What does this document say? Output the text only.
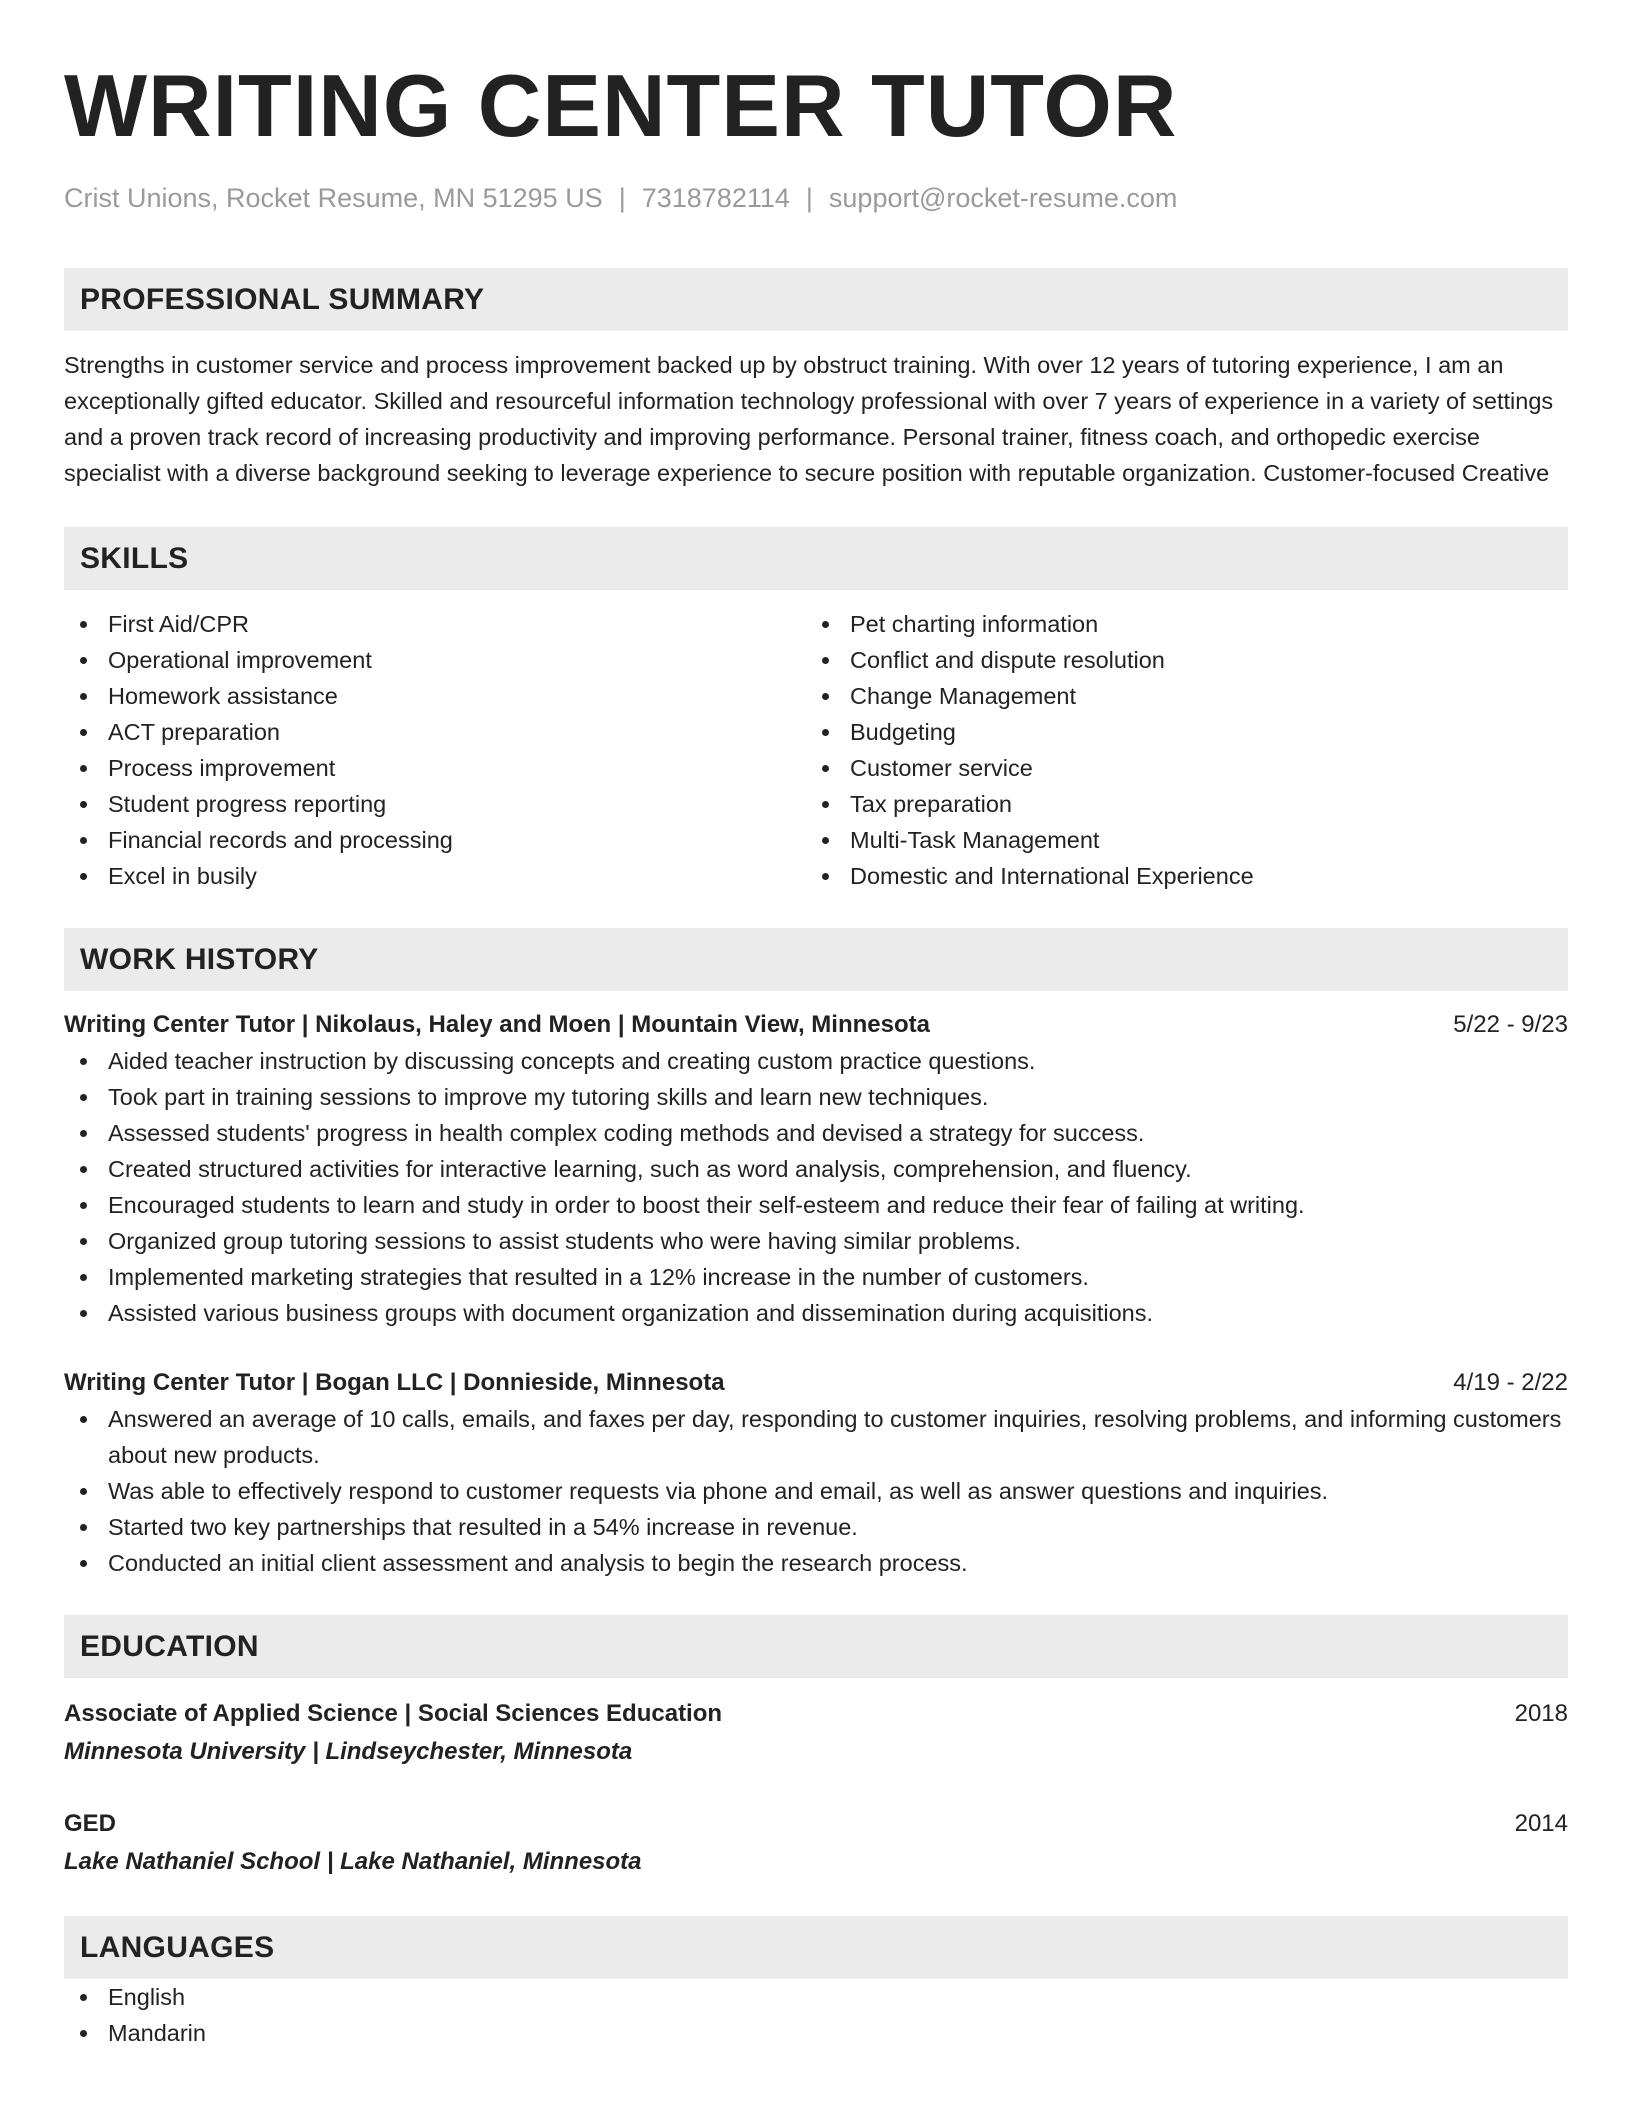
WRITING CENTER TUTOR
Crist Unions, Rocket Resume, MN 51295 US | 7318782114 | support@rocket-resume.com
PROFESSIONAL SUMMARY

Strengths in customer service and process improvement backed up by obstruct training. With over 12 years of tutoring experience, I am an exceptionally gifted educator. Skilled and resourceful information technology professional with over 7 years of experience in a variety of settings and a proven track record of increasing productivity and improving performance. Personal trainer, fitness coach, and orthopedic exercise specialist with a diverse background seeking to leverage experience to secure position with reputable organization. Customer-focused Creative

SKILLS
First Aid/CPR
Operational improvement
Homework assistance
ACT preparation
Process improvement
Student progress reporting
Financial records and processing
Excel in busily
Pet charting information
Conflict and dispute resolution
Change Management
Budgeting
Customer service
Tax preparation
Multi-Task Management
Domestic and International Experience
WORK HISTORY
Writing Center Tutor | Nikolaus, Haley and Moen | Mountain View, Minnesota	5/22 - 9/23
Aided teacher instruction by discussing concepts and creating custom practice questions.
Took part in training sessions to improve my tutoring skills and learn new techniques.
Assessed students' progress in health complex coding methods and devised a strategy for success.
Created structured activities for interactive learning, such as word analysis, comprehension, and fluency.
Encouraged students to learn and study in order to boost their self-esteem and reduce their fear of failing at writing.
Organized group tutoring sessions to assist students who were having similar problems.
Implemented marketing strategies that resulted in a 12% increase in the number of customers.
Assisted various business groups with document organization and dissemination during acquisitions.
Writing Center Tutor | Bogan LLC | Donnieside, Minnesota	4/19 - 2/22
Answered an average of 10 calls, emails, and faxes per day, responding to customer inquiries, resolving problems, and informing customers about new products.
Was able to effectively respond to customer requests via phone and email, as well as answer questions and inquiries.
Started two key partnerships that resulted in a 54% increase in revenue.
Conducted an initial client assessment and analysis to begin the research process.
EDUCATION
Associate of Applied Science | Social Sciences Education	2018
Minnesota University | Lindseychester, Minnesota
GED	2014
Lake Nathaniel School | Lake Nathaniel, Minnesota
LANGUAGES
English
Mandarin
